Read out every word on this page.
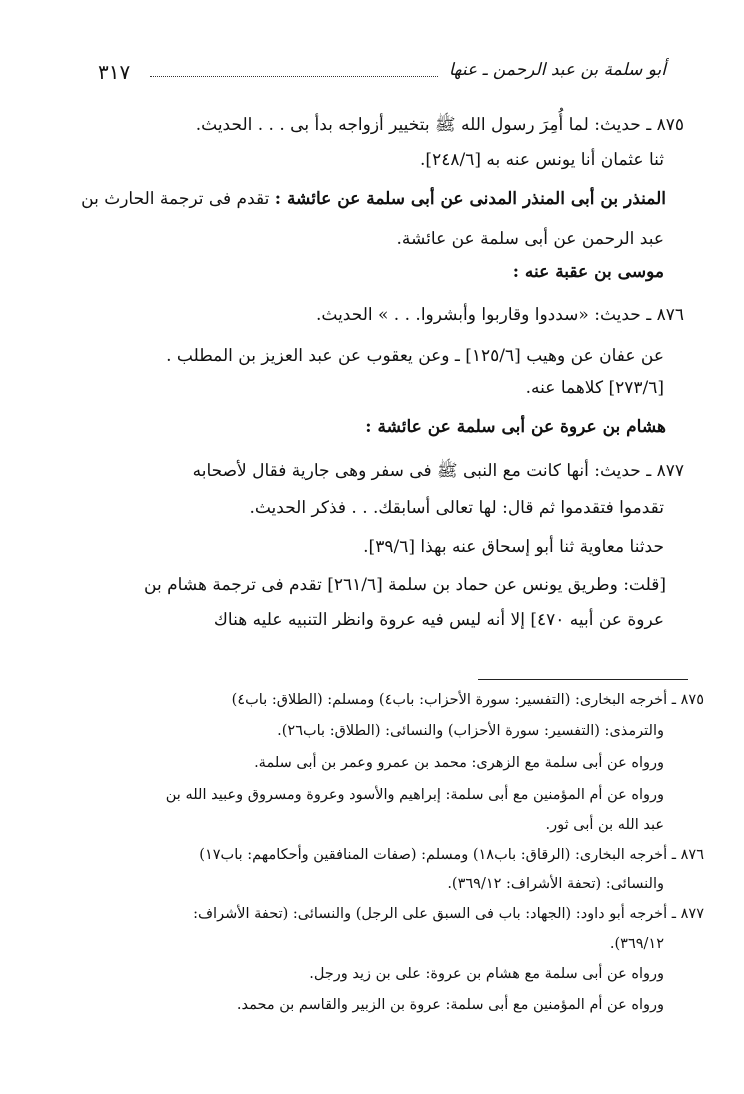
أبو سلمة بن عبد الرحمن ـ عنها
٣١٧
٨٧٥ ـ حديث: لما أُمِرَ رسول الله ﷺ بتخيير أزواجه بدأ بى . . . الحديث.
ثنا عثمان أنا يونس عنه به [٢٤٨/٦].
المنذر بن أبى المنذر المدنى عن أبى سلمة عن عائشة : تقدم فى ترجمة الحارث بن
عبد الرحمن عن أبى سلمة عن عائشة.
موسى بن عقبة عنه :
٨٧٦ ـ حديث: «سددوا وقاربوا وأبشروا. . . » الحديث.
عن عفان عن وهيب [١٢٥/٦] ـ وعن يعقوب عن عبد العزيز بن المطلب .
[٢٧٣/٦] كلاهما عنه.
هشام بن عروة عن أبى سلمة عن عائشة :
٨٧٧ ـ حديث: أنها كانت مع النبى ﷺ فى سفر وهى جارية فقال لأصحابه
تقدموا فتقدموا ثم قال: لها تعالى أسابقك. . . فذكر الحديث.
حدثنا معاوية ثنا أبو إسحاق عنه بهذا [٣٩/٦].
[قلت: وطريق يونس عن حماد بن سلمة [٢٦١/٦] تقدم فى ترجمة هشام بن
عروة عن أبيه ٤٧٠] إلا أنه ليس فيه عروة وانظر التنبيه عليه هناك
٨٧٥ ـ أخرجه البخارى: (التفسير: سورة الأحزاب: باب٤) ومسلم: (الطلاق: باب٤)
والترمذى: (التفسير: سورة الأحزاب) والنسائى: (الطلاق: باب٢٦).
ورواه عن أبى سلمة مع الزهرى: محمد بن عمرو وعمر بن أبى سلمة.
ورواه عن أم المؤمنين مع أبى سلمة: إبراهيم والأسود وعروة ومسروق وعبيد الله بن
عبد الله بن أبى ثور.
٨٧٦ ـ أخرجه البخارى: (الرقاق: باب١٨) ومسلم: (صفات المنافقين وأحكامهم: باب١٧)
والنسائى: (تحفة الأشراف: ٣٦٩/١٢).
٨٧٧ ـ أخرجه أبو داود: (الجهاد: باب فى السبق على الرجل) والنسائى: (تحفة الأشراف:
٣٦٩/١٢).
ورواه عن أبى سلمة مع هشام بن عروة: على بن زيد ورجل.
ورواه عن أم المؤمنين مع أبى سلمة: عروة بن الزبير والقاسم بن محمد.
